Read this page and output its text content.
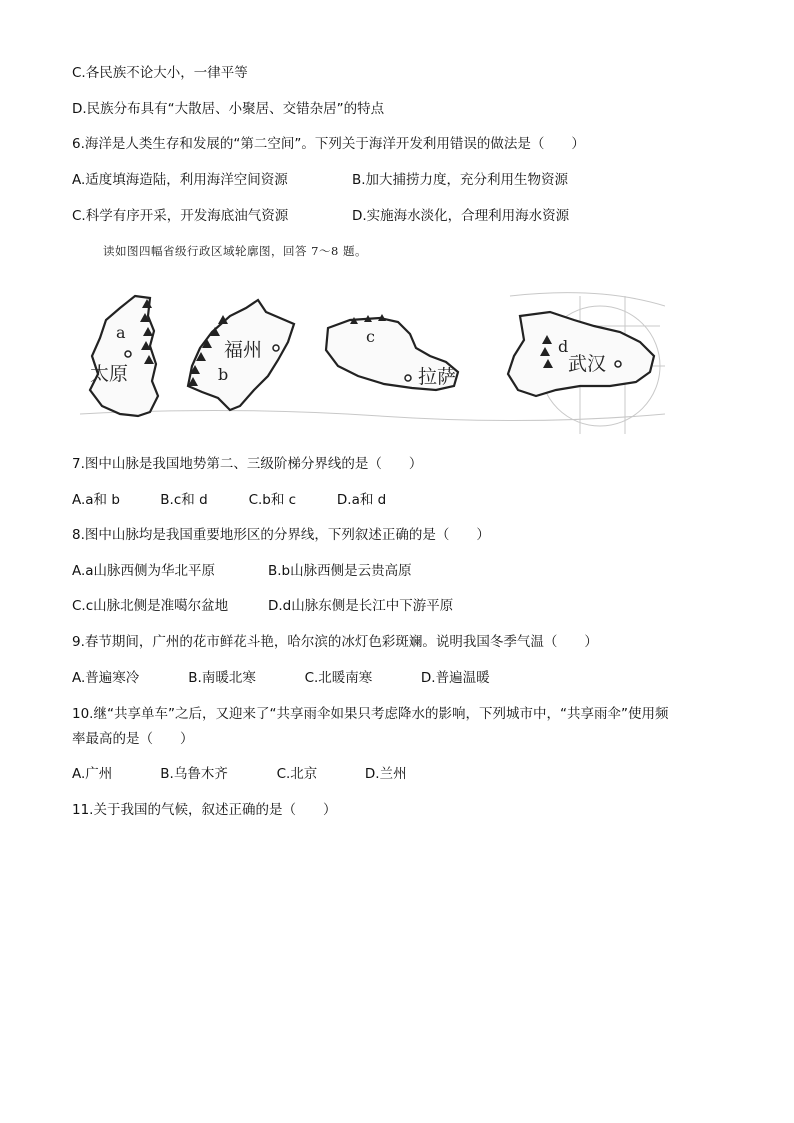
C.各民族不论大小，一律平等
D.民族分布具有“大散居、小聚居、交错杂居”的特点
6.海洋是人类生存和发展的“第二空间”。下列关于海洋开发利用错误的做法是（　　）
A.适度填海造陆，利用海洋空间资源	B.加大捕捞力度，充分利用生物资源
C.科学有序开采，开发海底油气资源	D.实施海水淡化，合理利用海水资源
读如图四幅省级行政区域轮廓图，回答 7～8 题。
a
太原
福州
b
c
拉萨
d
武汉
7.图中山脉是我国地势第二、三级阶梯分界线的是（　　）
A.a和 b	B.c和 d	C.b和 c	D.a和 d
8.图中山脉均是我国重要地形区的分界线，下列叙述正确的是（　　）
A.a山脉西侧为华北平原	B.b山脉西侧是云贵高原
C.c山脉北侧是准噶尔盆地	D.d山脉东侧是长江中下游平原
9.春节期间，广州的花市鲜花斗艳，哈尔滨的冰灯色彩斑斓。说明我国冬季气温（　　）
A.普遍寒冷	B.南暖北寒	C.北暖南寒	D.普遍温暖
10.继“共享单车”之后，又迎来了“共享雨伞如果只考虑降水的影响，下列城市中，“共享雨伞”使用频
率最高的是（　　）
A.广州	B.乌鲁木齐	C.北京	D.兰州
11.关于我国的气候，叙述正确的是（　　）
